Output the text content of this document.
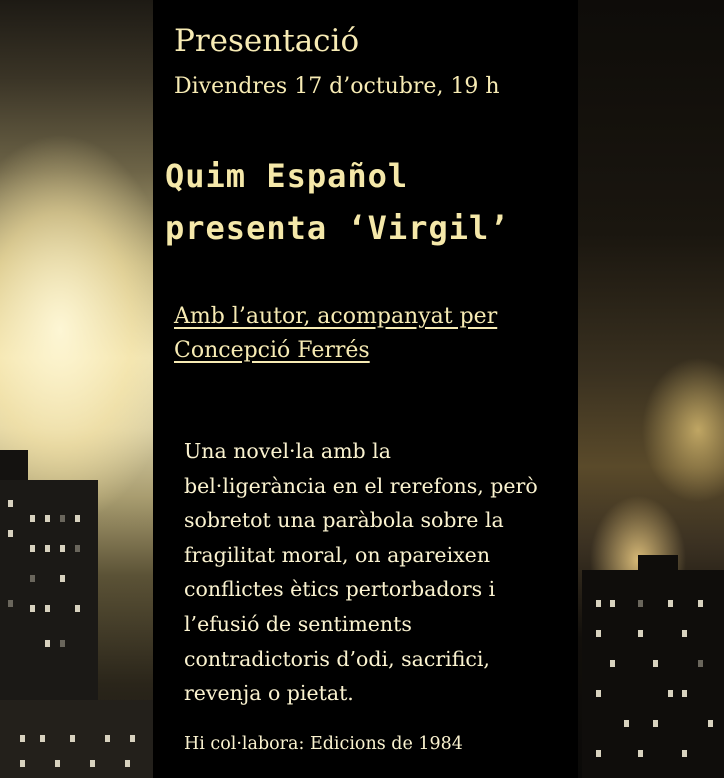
Presentació
Divendres 17 d’octubre, 19 h
Quim Español
presenta ‘Virgil’
Amb l’autor, acompanyat per
Concepció Ferrés
Una novel·la amb la
bel·ligerància en el rerefons, però
sobretot una paràbola sobre la
fragilitat moral, on apareixen
conflictes ètics pertorbadors i
l’efusió de sentiments
contradictoris d’odi, sacrifici,
revenja o pietat.
Hi col·labora: Edicions de 1984
